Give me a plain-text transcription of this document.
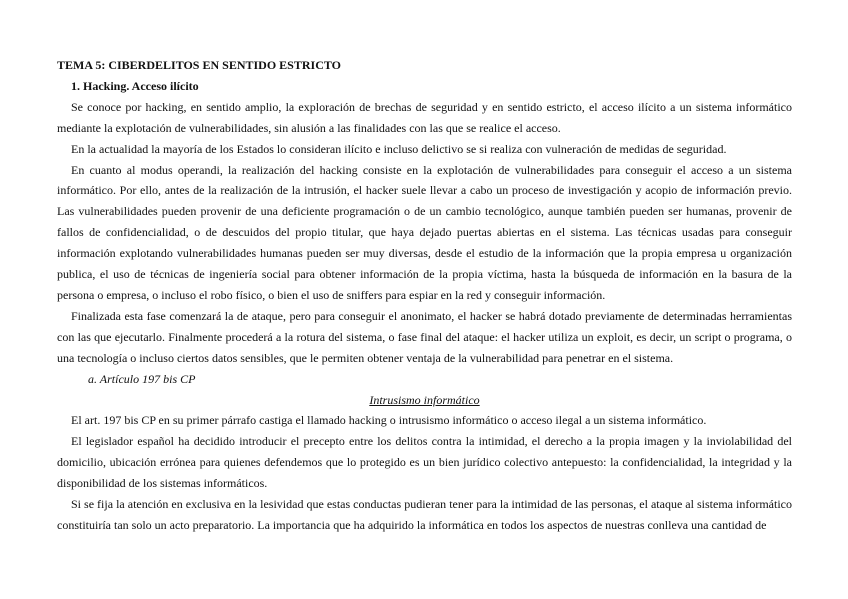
TEMA 5: CIBERDELITOS EN SENTIDO ESTRICTO

1. Hacking. Acceso ilícito

Se conoce por hacking, en sentido amplio, la exploración de brechas de seguridad y en sentido estricto, el acceso ilícito a un sistema informático mediante la explotación de vulnerabilidades, sin alusión a las finalidades con las que se realice el acceso.

En la actualidad la mayoría de los Estados lo consideran ilícito e incluso delictivo se si realiza con vulneración de medidas de seguridad.

En cuanto al modus operandi, la realización del hacking consiste en la explotación de vulnerabilidades para conseguir el acceso a un sistema informático. Por ello, antes de la realización de la intrusión, el hacker suele llevar a cabo un proceso de investigación y acopio de información previo. Las vulnerabilidades pueden provenir de una deficiente programación o de un cambio tecnológico, aunque también pueden ser humanas, provenir de fallos de confidencialidad, o de descuidos del propio titular, que haya dejado puertas abiertas en el sistema. Las técnicas usadas para conseguir información explotando vulnerabilidades humanas pueden ser muy diversas, desde el estudio de la información que la propia empresa u organización publica, el uso de técnicas de ingeniería social para obtener información de la propia víctima, hasta la búsqueda de información en la basura de la persona o empresa, o incluso el robo físico, o bien el uso de sniffers para espiar en la red y conseguir información.

Finalizada esta fase comenzará la de ataque, pero para conseguir el anonimato, el hacker se habrá dotado previamente de determinadas herramientas con las que ejecutarlo. Finalmente procederá a la rotura del sistema, o fase final del ataque: el hacker utiliza un exploit, es decir, un script o programa, o una tecnología o incluso ciertos datos sensibles, que le permiten obtener ventaja de la vulnerabilidad para penetrar en el sistema.

a. Artículo 197 bis CP

Intrusismo informático

El art. 197 bis CP en su primer párrafo castiga el llamado hacking o intrusismo informático o acceso ilegal a un sistema informático.

El legislador español ha decidido introducir el precepto entre los delitos contra la intimidad, el derecho a la propia imagen y la inviolabilidad del domicilio, ubicación errónea para quienes defendemos que lo protegido es un bien jurídico colectivo antepuesto: la confidencialidad, la integridad y la disponibilidad de los sistemas informáticos.

Si se fija la atención en exclusiva en la lesividad que estas conductas pudieran tener para la intimidad de las personas, el ataque al sistema informático constituiría tan solo un acto preparatorio. La importancia que ha adquirido la informática en todos los aspectos de nuestras conlleva una cantidad de
